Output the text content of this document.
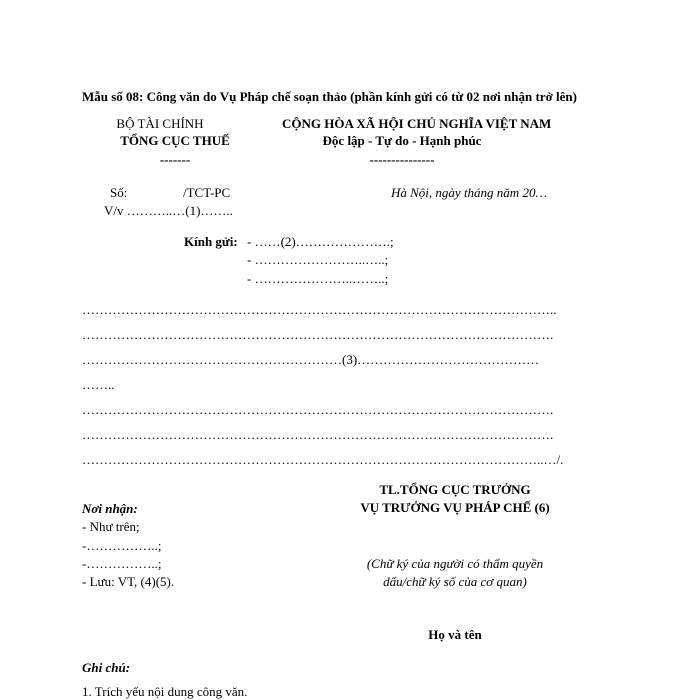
Mẫu số 08: Công văn do Vụ Pháp chế soạn thảo (phần kính gửi có từ 02 nơi nhận trở lên)
BỘ TÀI CHÍNH
TỔNG CỤC THUẾ
-------
CỘNG HÒA XÃ HỘI CHỦ NGHĨA VIỆT NAM
Độc lập - Tự do - Hạnh phúc
---------------
Số:	/TCT-PC
V/v ………..…(1)……..
Hà Nội, ngày tháng năm 20…
Kính gửi: - ……(2)………………….;
- ……………………..…..;
- …………………..……..;
………………………………………………………………………………………………..
……………………………………………………………………………………………….
……………………………………………………(3)……………………………………
……..
……………………………………………………………………………………………….
……………………………………………………………………………………………….
……………………………………………………………………………………………..…/.
TL.TỔNG CỤC TRƯỞNG
VỤ TRƯỞNG VỤ PHÁP CHẾ (6)
(Chữ ký của người có thẩm quyền
dấu/chữ ký số của cơ quan)
Họ và tên
Nơi nhận:
- Như trên;
-……………..;
-……………..;
- Lưu: VT, (4)(5).
Ghi chú:
1. Trích yếu nội dung công văn.
